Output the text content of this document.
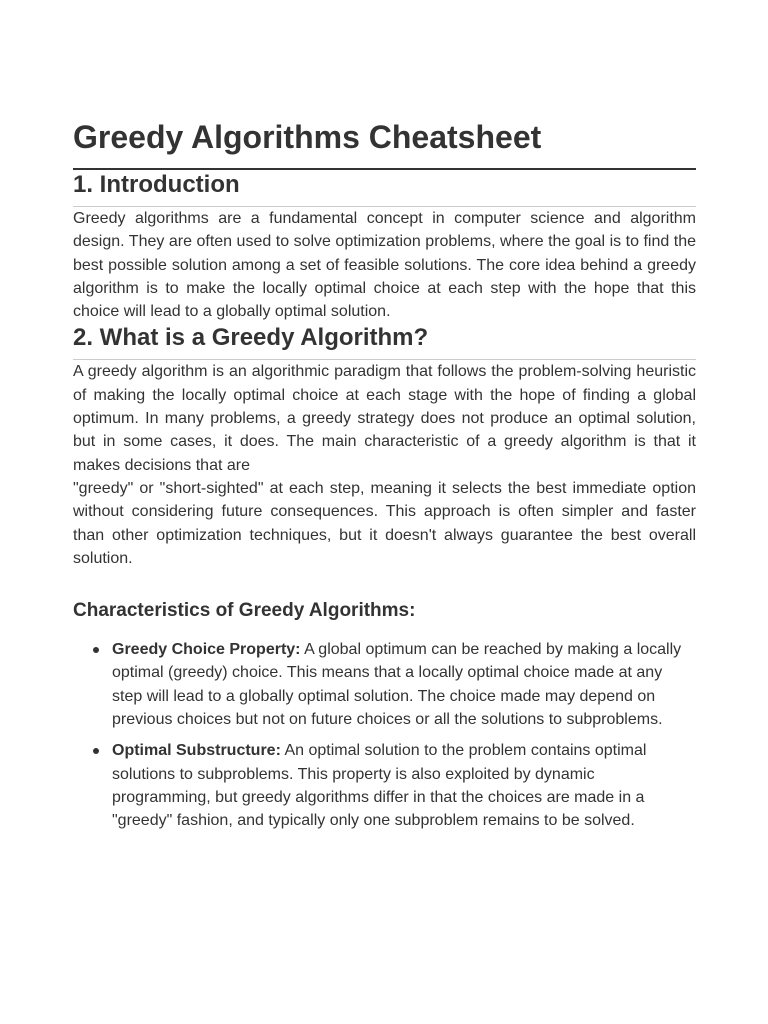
Greedy Algorithms Cheatsheet
1. Introduction

Greedy algorithms are a fundamental concept in computer science and algorithm design. They are often used to solve optimization problems, where the goal is to find the best possible solution among a set of feasible solutions. The core idea behind a greedy algorithm is to make the locally optimal choice at each step with the hope that this choice will lead to a globally optimal solution.

2. What is a Greedy Algorithm?

A greedy algorithm is an algorithmic paradigm that follows the problem-solving heuristic of making the locally optimal choice at each stage with the hope of finding a global optimum. In many problems, a greedy strategy does not produce an optimal solution, but in some cases, it does. The main characteristic of a greedy algorithm is that it makes decisions that are

"greedy" or "short-sighted" at each step, meaning it selects the best immediate option without considering future consequences. This approach is often simpler and faster than other optimization techniques, but it doesn't always guarantee the best overall solution.

Characteristics of Greedy Algorithms:
Greedy Choice Property: A global optimum can be reached by making a locally optimal (greedy) choice. This means that a locally optimal choice made at any step will lead to a globally optimal solution. The choice made may depend on previous choices but not on future choices or all the solutions to subproblems.
Optimal Substructure: An optimal solution to the problem contains optimal solutions to subproblems. This property is also exploited by dynamic programming, but greedy algorithms differ in that the choices are made in a "greedy" fashion, and typically only one subproblem remains to be solved.
